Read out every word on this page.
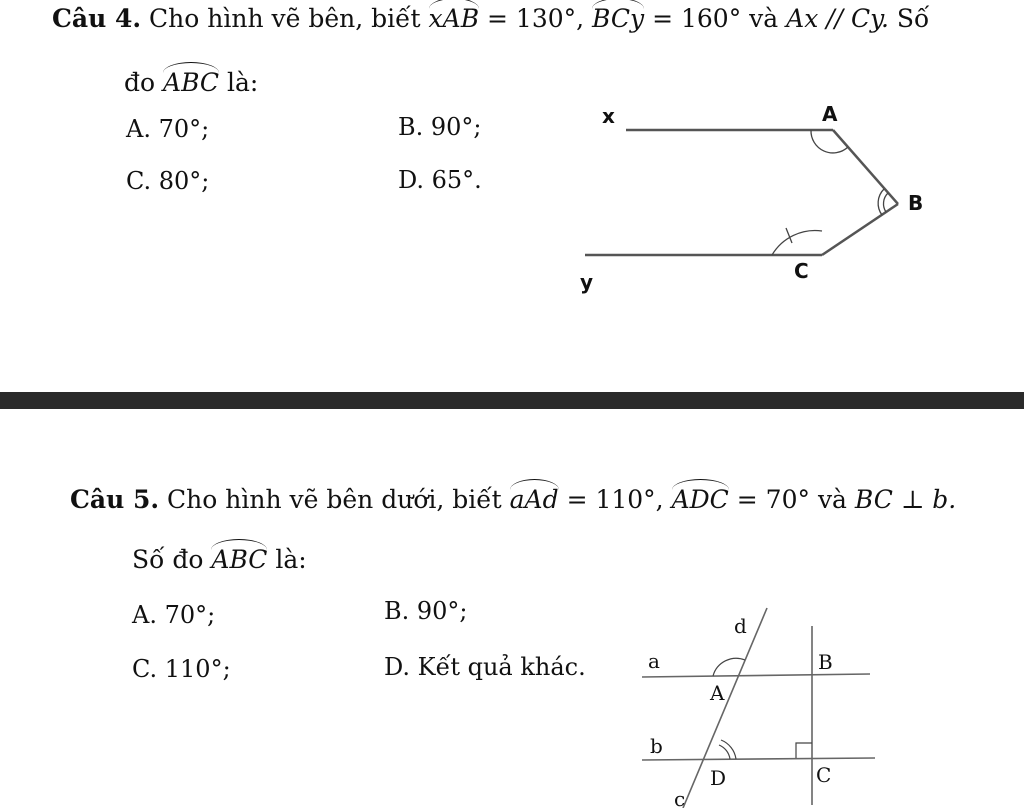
Câu 4. Cho hình vẽ bên, biết xAB = 130°, BCy = 160° và Ax // Cy. Số
đo ABC là:
A. 70°;	B. 90°;
C. 80°;	D. 65°.
x	A
B
C
y
Câu 5. Cho hình vẽ bên dưới, biết aAd = 110°, ADC = 70° và BC ⊥ b.
Số đo ABC là:
A. 70°;	B. 90°;
C. 110°;	D. Kết quả khác.
d
a	B
A
b
D	C
c
